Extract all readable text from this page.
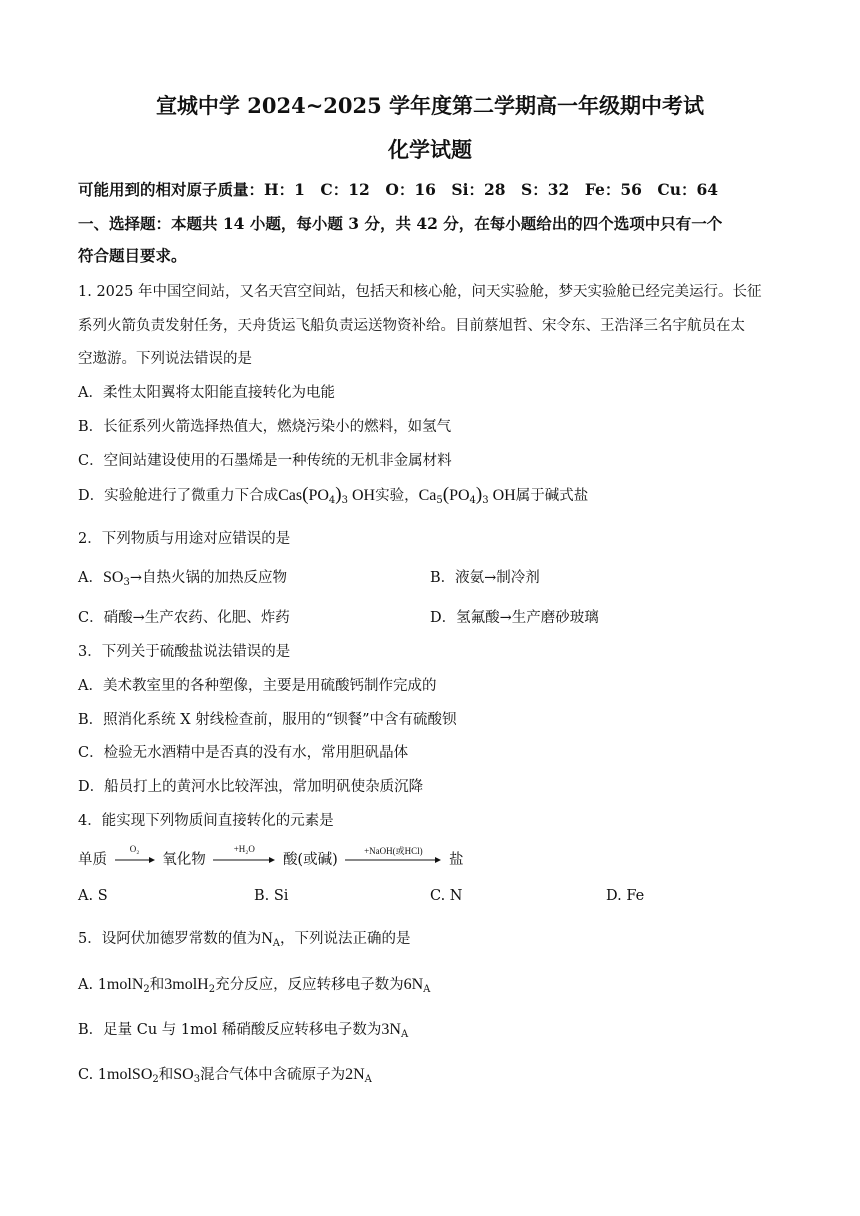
宣城中学 2024~2025 学年度第二学期高一年级期中考试
化学试题
可能用到的相对原子质量：H：1　C：12　O：16　Si：28　S：32　Fe：56　Cu：64
一、选择题：本题共 14 小题，每小题 3 分，共 42 分，在每小题给出的四个选项中只有一个
符合题目要求。
1. 2025 年中国空间站，又名天宫空间站，包括天和核心舱，问天实验舱，梦天实验舱已经完美运行。长征
系列火箭负责发射任务，天舟货运飞船负责运送物资补给。目前蔡旭哲、宋令东、王浩泽三名宇航员在太
空遨游。下列说法错误的是
A．柔性太阳翼将太阳能直接转化为电能
B．长征系列火箭选择热值大，燃烧污染小的燃料，如氢气
C．空间站建设使用的石墨烯是一种传统的无机非金属材料
D．实验舱进行了微重力下合成$Cas(PO_4)_3$ OH实验，$Ca_5(PO_4)_3$ OH属于碱式盐
2．下列物质与用途对应错误的是
A．$SO_3\to$自热火锅的加热反应物	B．液氨→制冷剂
C．硝酸→生产农药、化肥、炸药	D．氢氟酸→生产磨砂玻璃
3．下列关于硫酸盐说法错误的是
A．美术教室里的各种塑像，主要是用硫酸钙制作完成的
B．照消化系统 X 射线检查前，服用的“钡餐”中含有硫酸钡
C．检验无水酒精中是否真的没有水，常用胆矾晶体
D．船员打上的黄河水比较浑浊，常加明矾使杂质沉降
4．能实现下列物质间直接转化的元素是
单质
O₂
氧化物
+H₂O
酸(或碱)
+NaOH(或HCl)
盐
A. S	B. Si	C. N	D. Fe
5．设阿伏加德罗常数的值为$N_A$，下列说法正确的是
A. 1molN$_2$和3molH$_2$充分反应，反应转移电子数为$6N_A$
B．足量 Cu 与 1mol 稀硝酸反应转移电子数为$3N_A$
C. 1molSO$_2$和$SO_3$混合气体中含硫原子为$2N_A$
